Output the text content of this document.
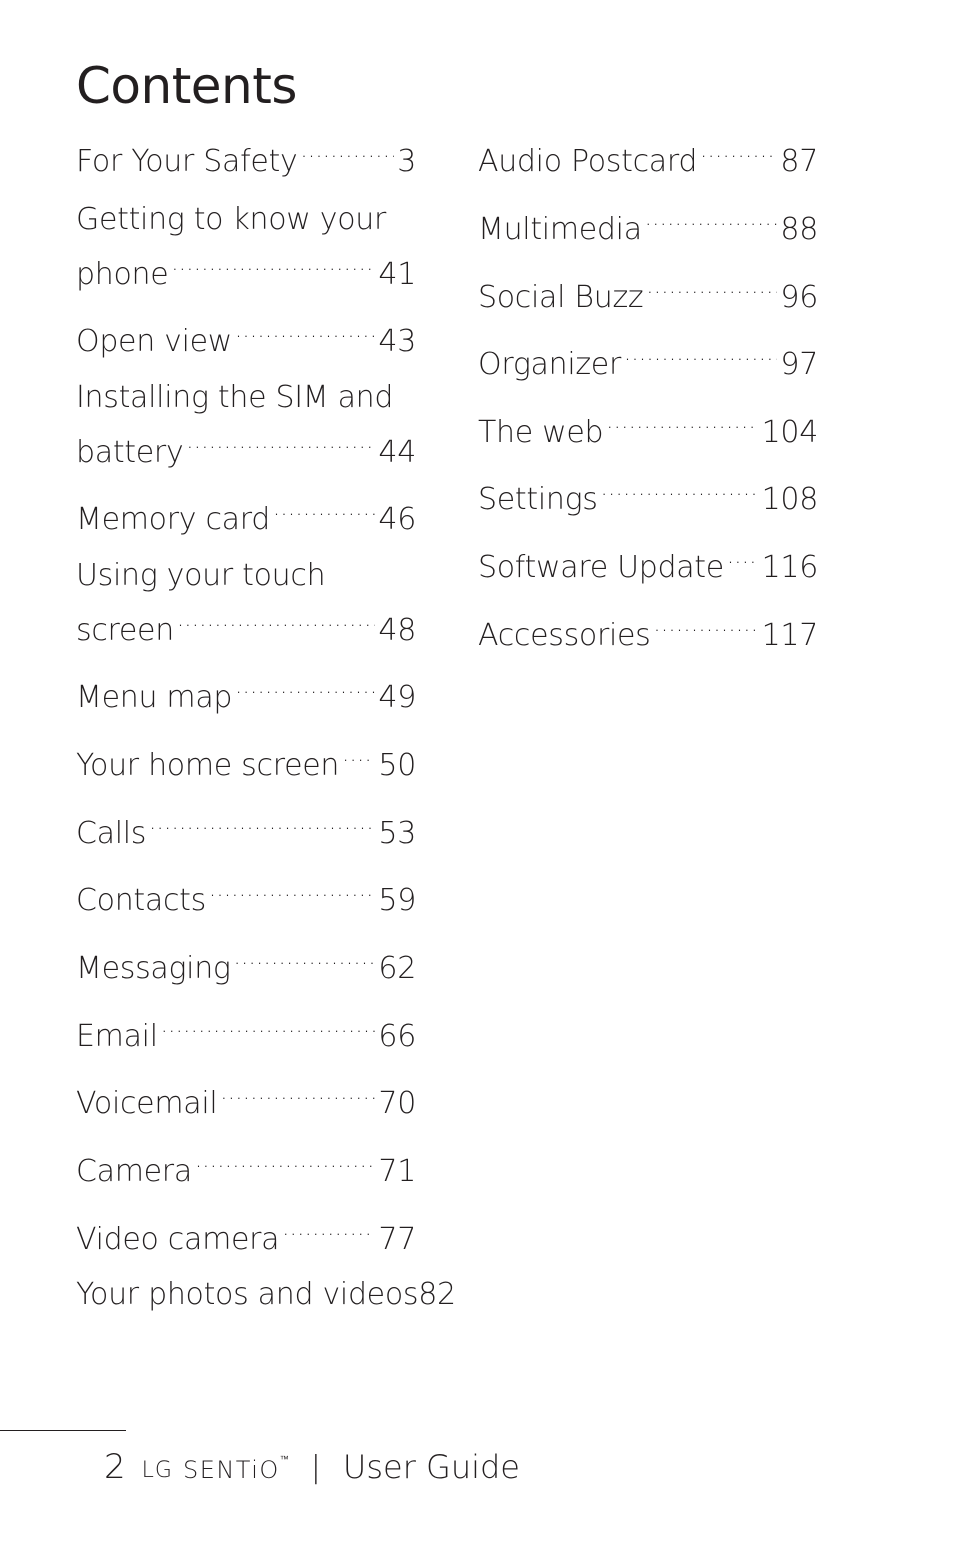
Contents
For Your Safety .....	3
Getting to know your
phone .....	41
Open view .....	43
Installing the SIM and
battery .....	44
Memory card .....	46
Using your touch
screen .....	48
Menu map .....	49
Your home screen ..... 50
Calls .....	53
Contacts .....	59
Messaging .....	62
Email .....	66
Voicemail .....	70
Camera .....	71
Video camera .....	77
Your photos and videos 82
Audio Postcard .....	87
Multimedia .....	88
Social Buzz .....	96
Organizer .....	97
The web .....	104
Settings .....	108
Software Update ..... 116
Accessories .....	117
2 LG SENTiO ™ | User Guide
